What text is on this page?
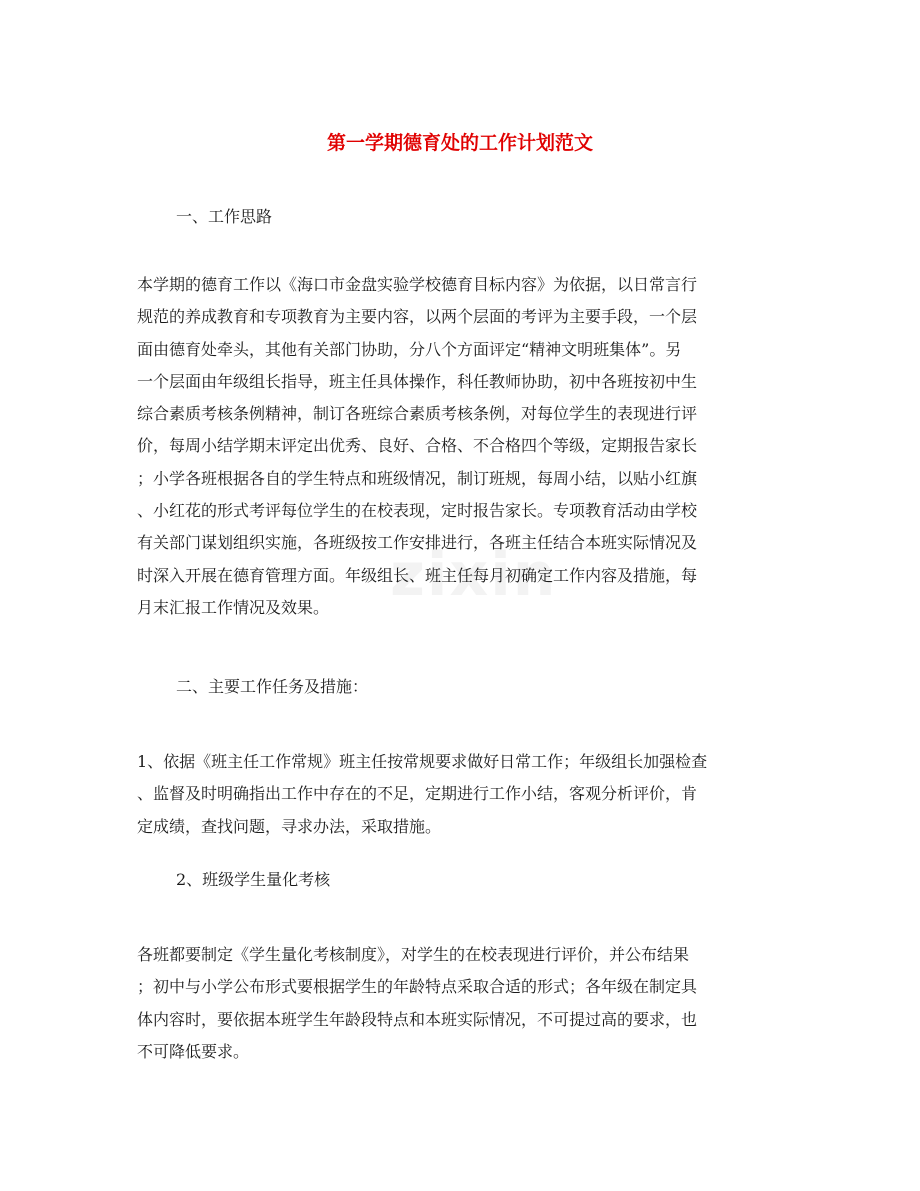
zixin
第一学期德育处的工作计划范文
一、工作思路
本学期的德育工作以《海口市金盘实验学校德育目标内容》为依据，以日常言行
规范的养成教育和专项教育为主要内容，以两个层面的考评为主要手段，一个层
面由德育处牵头，其他有关部门协助，分八个方面评定“精神文明班集体”。另
一个层面由年级组长指导，班主任具体操作，科任教师协助，初中各班按初中生
综合素质考核条例精神，制订各班综合素质考核条例，对每位学生的表现进行评
价，每周小结学期末评定出优秀、良好、合格、不合格四个等级，定期报告家长
；小学各班根据各自的学生特点和班级情况，制订班规，每周小结，以贴小红旗
、小红花的形式考评每位学生的在校表现，定时报告家长。专项教育活动由学校
有关部门谋划组织实施，各班级按工作安排进行，各班主任结合本班实际情况及
时深入开展在德育管理方面。年级组长、班主任每月初确定工作内容及措施，每
月末汇报工作情况及效果。
二、主要工作任务及措施：
1、依据《班主任工作常规》班主任按常规要求做好日常工作；年级组长加强检查
、监督及时明确指出工作中存在的不足，定期进行工作小结，客观分析评价，肯
定成绩，查找问题，寻求办法，采取措施。
2、班级学生量化考核
各班都要制定《学生量化考核制度》，对学生的在校表现进行评价，并公布结果
；初中与小学公布形式要根据学生的年龄特点采取合适的形式；各年级在制定具
体内容时，要依据本班学生年龄段特点和本班实际情况，不可提过高的要求，也
不可降低要求。
